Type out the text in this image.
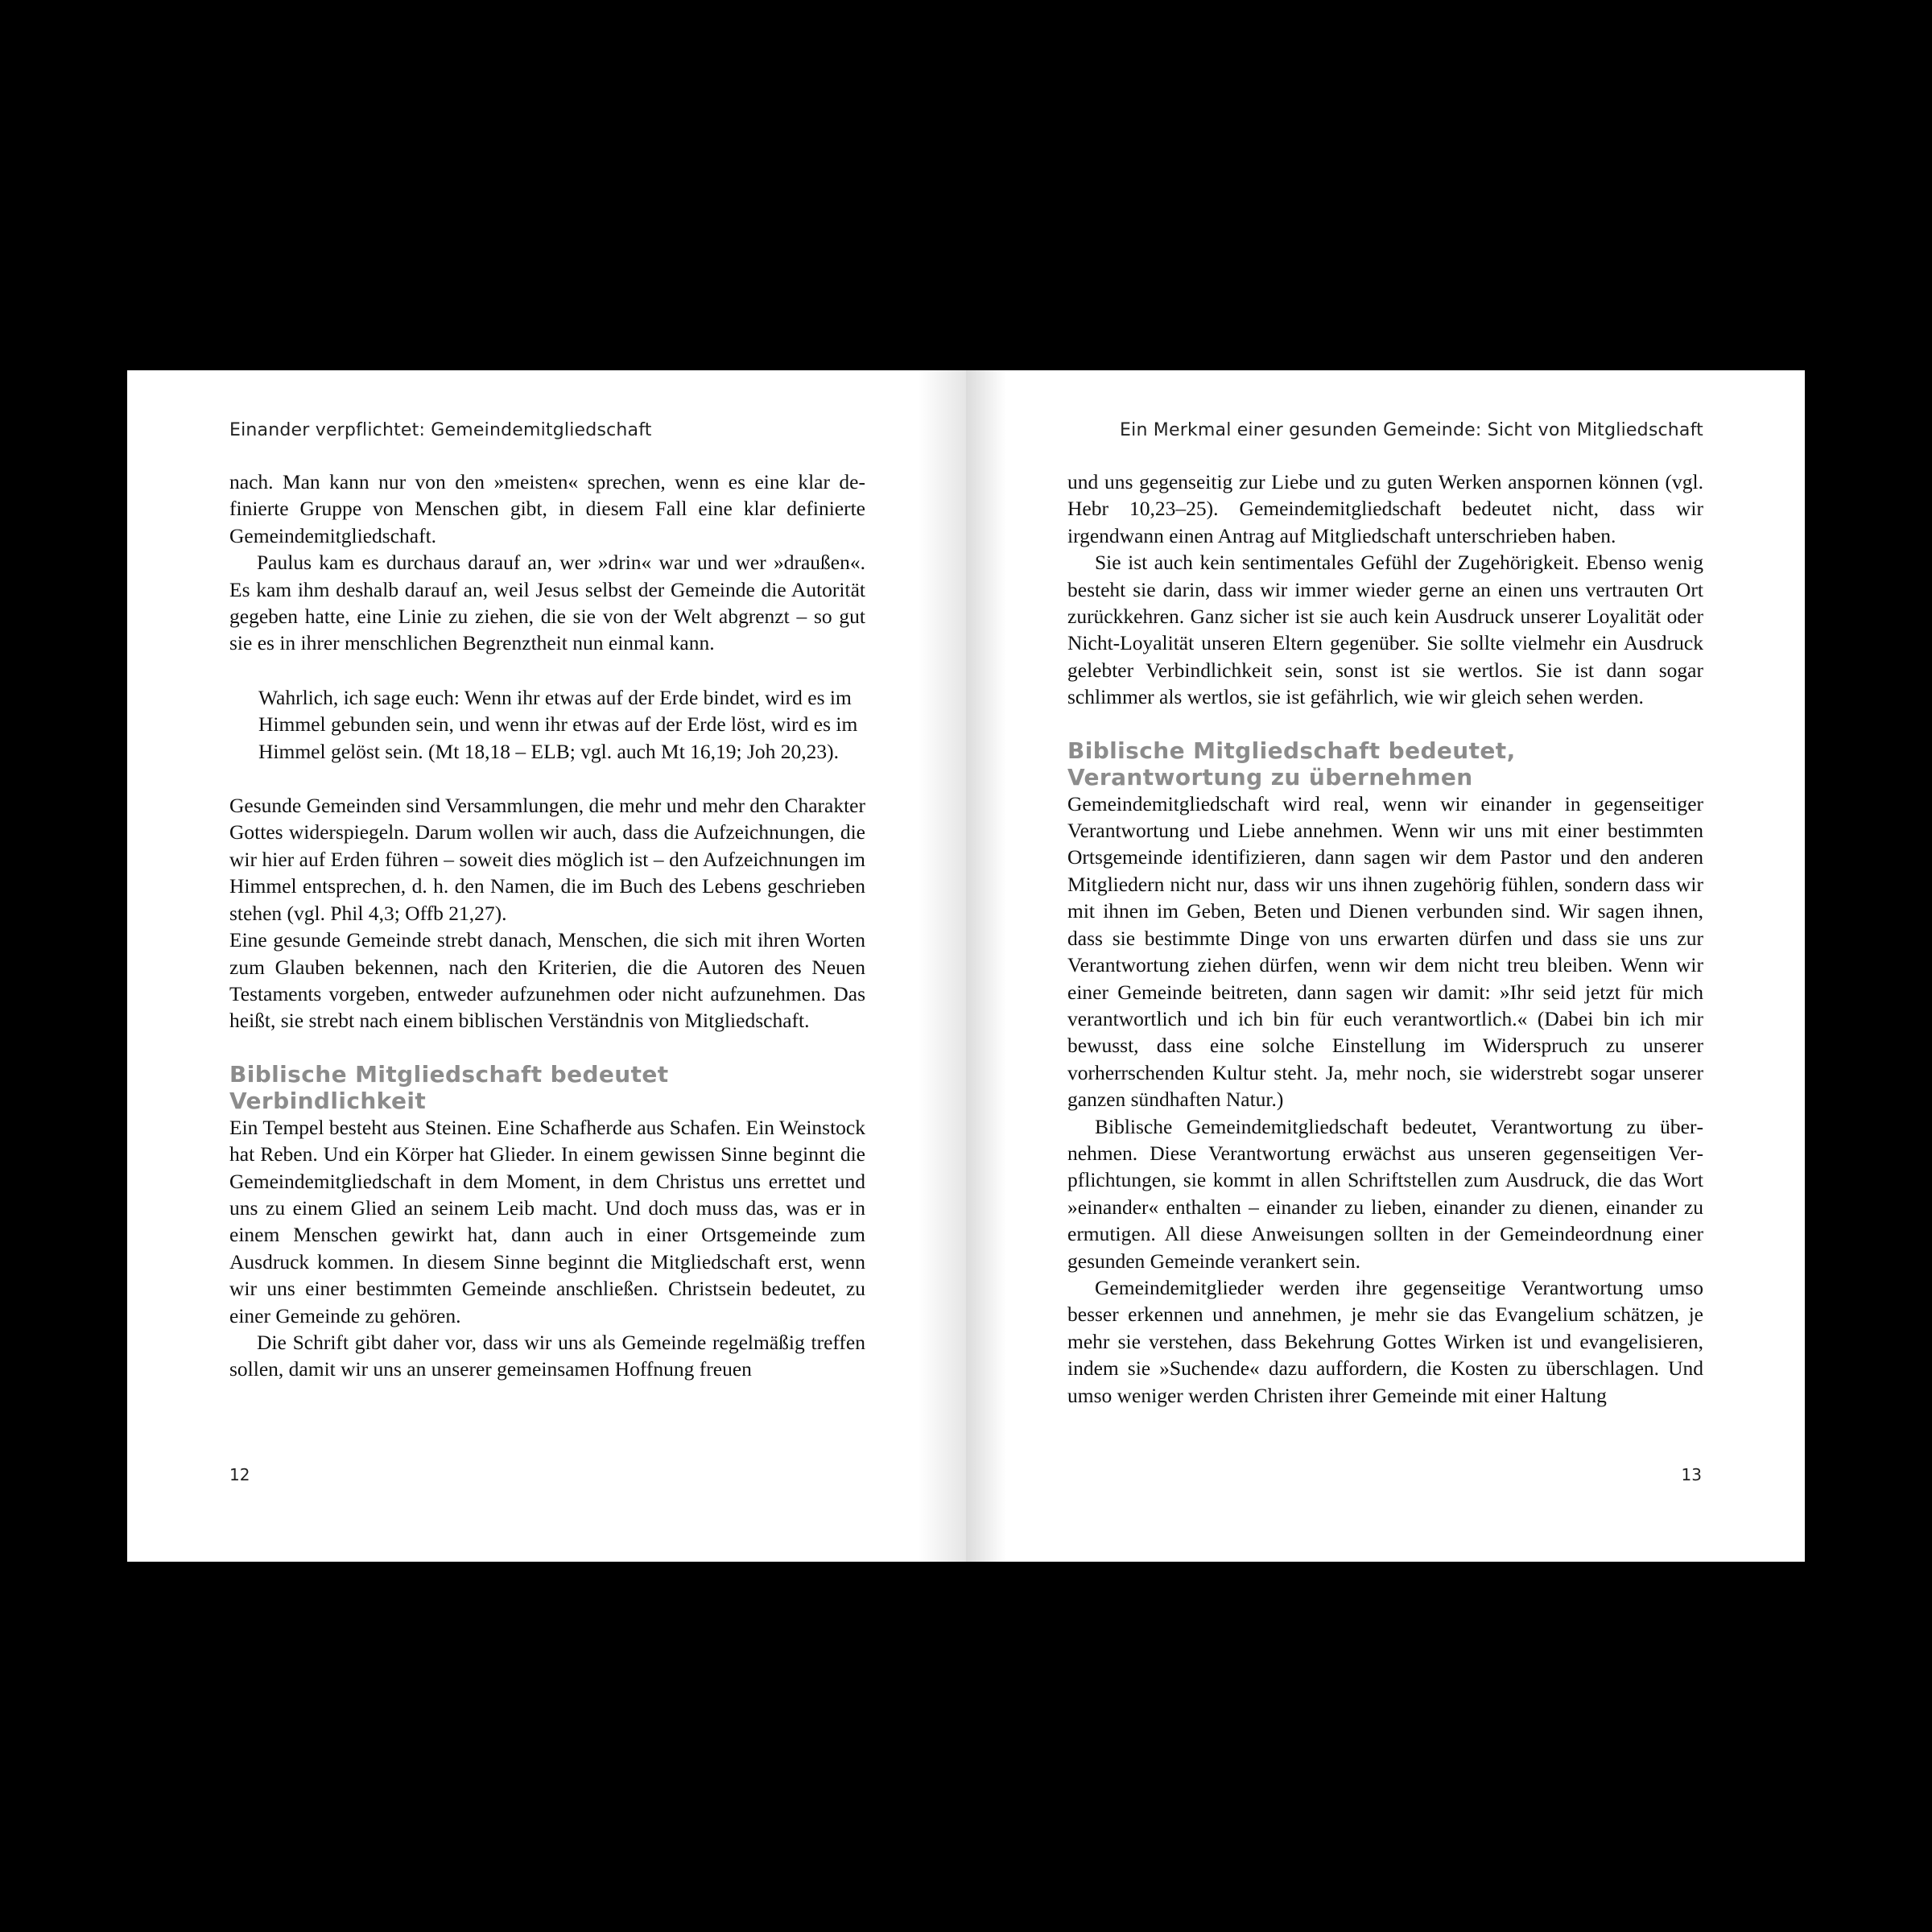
Einander verpflichtet: Gemeindemitgliedschaft

nach. Man kann nur von den »meisten« sprechen, wenn es eine klar definierte Gruppe von Menschen gibt, in diesem Fall eine klar definierte Gemeindemitgliedschaft.

Paulus kam es durchaus darauf an, wer »drin« war und wer »draußen«. Es kam ihm deshalb darauf an, weil Jesus selbst der Gemeinde die Autorität gegeben hatte, eine Linie zu ziehen, die sie von der Welt abgrenzt – so gut sie es in ihrer menschlichen Begrenztheit nun einmal kann.

Wahrlich, ich sage euch: Wenn ihr etwas auf der Erde bindet, wird es im Himmel gebunden sein, und wenn ihr etwas auf der Erde löst, wird es im Himmel gelöst sein. (Mt 18,18 – ELB; vgl. auch Mt 16,19; Joh 20,23).

Gesunde Gemeinden sind Versammlungen, die mehr und mehr den Charakter Gottes widerspiegeln. Darum wollen wir auch, dass die Aufzeichnungen, die wir hier auf Erden führen – soweit dies möglich ist – den Aufzeichnungen im Himmel entsprechen, d. h. den Namen, die im Buch des Lebens geschrieben stehen (vgl. Phil 4,3; Offb 21,27).

Eine gesunde Gemeinde strebt danach, Menschen, die sich mit ihren Worten zum Glauben bekennen, nach den Kriterien, die die Autoren des Neuen Testaments vorgeben, entweder aufzunehmen oder nicht aufzunehmen. Das heißt, sie strebt nach einem biblischen Verständnis von Mitgliedschaft.

Biblische Mitgliedschaft bedeutet Verbindlichkeit

Ein Tempel besteht aus Steinen. Eine Schafherde aus Schafen. Ein Weinstock hat Reben. Und ein Körper hat Glieder. In einem gewissen Sinne beginnt die Gemeindemitgliedschaft in dem Moment, in dem Christus uns errettet und uns zu einem Glied an seinem Leib macht. Und doch muss das, was er in einem Menschen gewirkt hat, dann auch in einer Ortsgemeinde zum Ausdruck kommen. In diesem Sinne beginnt die Mitgliedschaft erst, wenn wir uns einer bestimmten Gemeinde anschließen. Christsein bedeutet, zu einer Gemeinde zu gehören.

Die Schrift gibt daher vor, dass wir uns als Gemeinde regelmäßig treffen sollen, damit wir uns an unserer gemeinsamen Hoffnung freuen

12
Ein Merkmal einer gesunden Gemeinde: Sicht von Mitgliedschaft

und uns gegenseitig zur Liebe und zu guten Werken anspornen können (vgl. Hebr 10,23–25). Gemeindemitgliedschaft bedeutet nicht, dass wir irgendwann einen Antrag auf Mitgliedschaft unterschrieben haben.

Sie ist auch kein sentimentales Gefühl der Zugehörigkeit. Ebenso wenig besteht sie darin, dass wir immer wieder gerne an einen uns vertrauten Ort zurückkehren. Ganz sicher ist sie auch kein Ausdruck unserer Loyalität oder Nicht-Loyalität unseren Eltern gegenüber. Sie sollte vielmehr ein Ausdruck gelebter Verbindlichkeit sein, sonst ist sie wertlos. Sie ist dann sogar schlimmer als wertlos, sie ist gefährlich, wie wir gleich sehen werden.

Biblische Mitgliedschaft bedeutet,
Verantwortung zu übernehmen

Gemeindemitgliedschaft wird real, wenn wir einander in gegenseitiger Verantwortung und Liebe annehmen. Wenn wir uns mit einer bestimmten Ortsgemeinde identifizieren, dann sagen wir dem Pastor und den anderen Mitgliedern nicht nur, dass wir uns ihnen zugehörig fühlen, sondern dass wir mit ihnen im Geben, Beten und Dienen verbunden sind. Wir sagen ihnen, dass sie bestimmte Dinge von uns erwarten dürfen und dass sie uns zur Verantwortung ziehen dürfen, wenn wir dem nicht treu bleiben. Wenn wir einer Gemeinde beitreten, dann sagen wir damit: »Ihr seid jetzt für mich verantwortlich und ich bin für euch verantwortlich.« (Dabei bin ich mir bewusst, dass eine solche Einstellung im Widerspruch zu unserer vorherrschenden Kultur steht. Ja, mehr noch, sie widerstrebt sogar unserer ganzen sündhaften Natur.)

Biblische Gemeindemitgliedschaft bedeutet, Verantwortung zu übernehmen. Diese Verantwortung erwächst aus unseren gegenseitigen Verpflichtungen, sie kommt in allen Schriftstellen zum Ausdruck, die das Wort »einander« enthalten – einander zu lieben, einander zu dienen, einander zu ermutigen. All diese Anweisungen sollten in der Gemeindeordnung einer gesunden Gemeinde verankert sein.

Gemeindemitglieder werden ihre gegenseitige Verantwortung umso besser erkennen und annehmen, je mehr sie das Evangelium schätzen, je mehr sie verstehen, dass Bekehrung Gottes Wirken ist und evangelisieren, indem sie »Suchende« dazu auffordern, die Kosten zu überschlagen. Und umso weniger werden Christen ihrer Gemeinde mit einer Haltung

13
